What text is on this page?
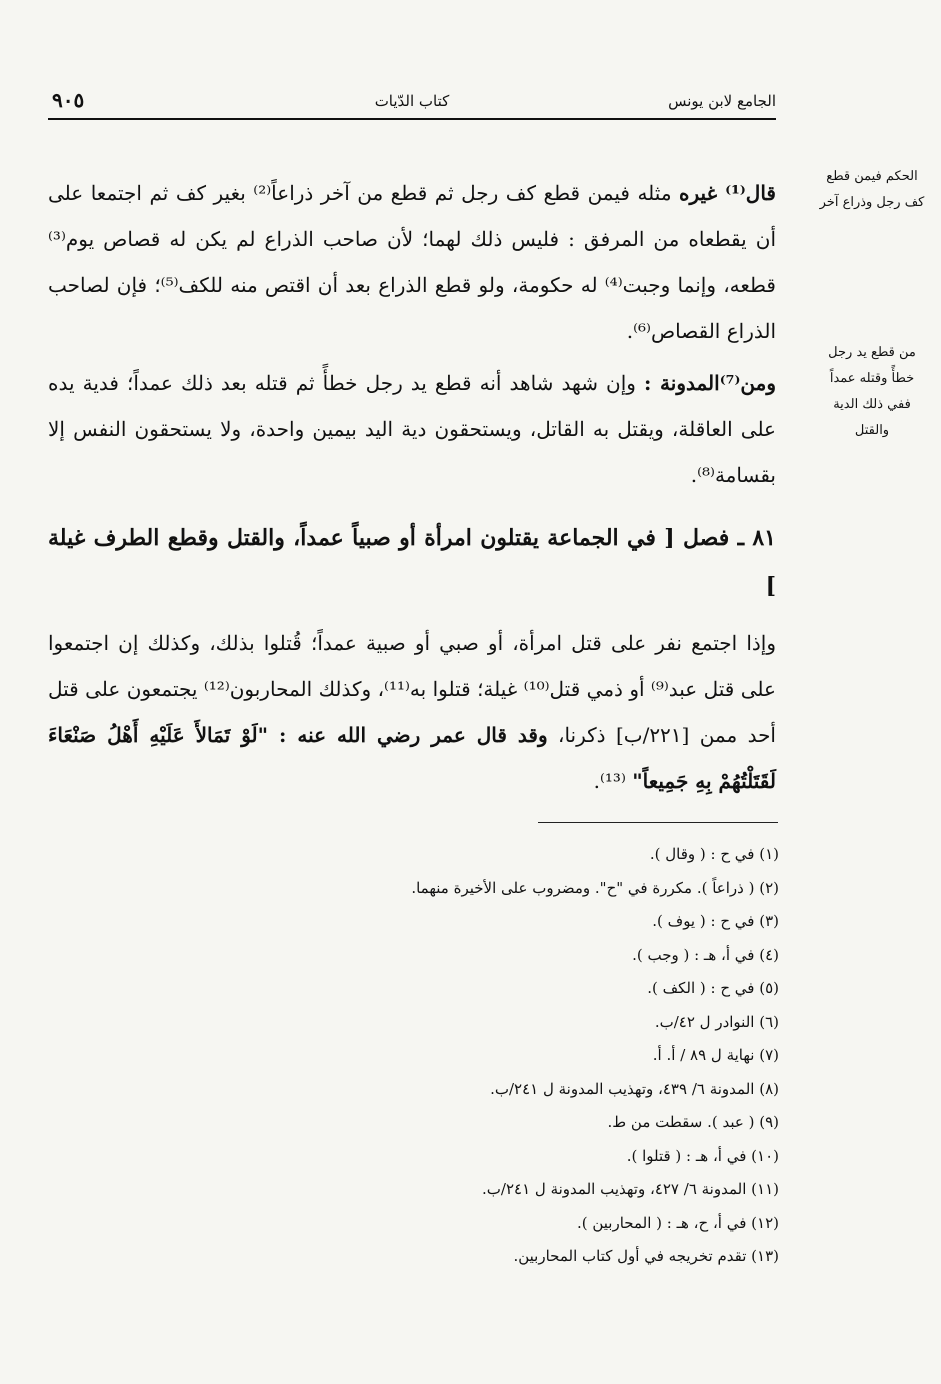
الجامع لابن يونس
كتاب الدّيات
٩٠٥
الحكم فيمن قطع كف رجل وذراع آخر
من قطع يد رجل خطأً وقتله عمداً ففي ذلك الدية والقتل

قال⁽¹⁾ غيره مثله فيمن قطع كف رجل ثم قطع من آخر ذراعاً⁽²⁾ بغير كف ثم اجتمعا على أن يقطعاه من المرفق : فليس ذلك لهما؛ لأن صاحب الذراع لم يكن له قصاص يوم⁽³⁾ قطعه، وإنما وجبت⁽⁴⁾ له حكومة، ولو قطع الذراع بعد أن اقتص منه للكف⁽⁵⁾؛ فإن لصاحب الذراع القصاص⁽⁶⁾.

ومن⁽⁷⁾المدونة : وإن شهد شاهد أنه قطع يد رجل خطأً ثم قتله بعد ذلك عمداً؛ فدية يده على العاقلة، ويقتل به القاتل، ويستحقون دية اليد بيمين واحدة، ولا يستحقون النفس إلا بقسامة⁽⁸⁾.

٨١ ـ فصل [ في الجماعة يقتلون امرأة أو صبياً عمداً، والقتل وقطع الطرف غيلة ]

وإذا اجتمع نفر على قتل امرأة، أو صبي أو صبية عمداً؛ قُتلوا بذلك، وكذلك إن اجتمعوا على قتل عبد⁽⁹⁾ أو ذمي قتل⁽¹⁰⁾ غيلة؛ قتلوا به⁽¹¹⁾، وكذلك المحاربون⁽¹²⁾ يجتمعون على قتل أحد ممن [٢٢١/ب] ذكرنا، وقد قال عمر رضي الله عنه : "لَوْ تَمَالأَ عَلَيْهِ أَهْلُ صَنْعَاءَ لَقَتَلْتُهُمْ بِهِ جَمِيعاً" ⁽¹³⁾.

(١) في ح : ( وقال ).
(٢) ( ذراعاً ). مكررة في "ح". ومضروب على الأخيرة منهما.
(٣) في ح : ( يوف ).
(٤) في أ، هـ : ( وجب ).
(٥) في ح : ( الكف ).
(٦) النوادر ل ٤٢/ب.
(٧) نهاية ل ٨٩ / أ. أ.
(٨) المدونة ٦/ ٤٣٩، وتهذيب المدونة ل ٢٤١/ب.
(٩) ( عبد ). سقطت من ط.
(١٠) في أ، هـ : ( قتلوا ).
(١١) المدونة ٦/ ٤٢٧، وتهذيب المدونة ل ٢٤١/ب.
(١٢) في أ، ح، هـ : ( المحاربين ).
(١٣) تقدم تخريجه في أول كتاب المحاربين.
